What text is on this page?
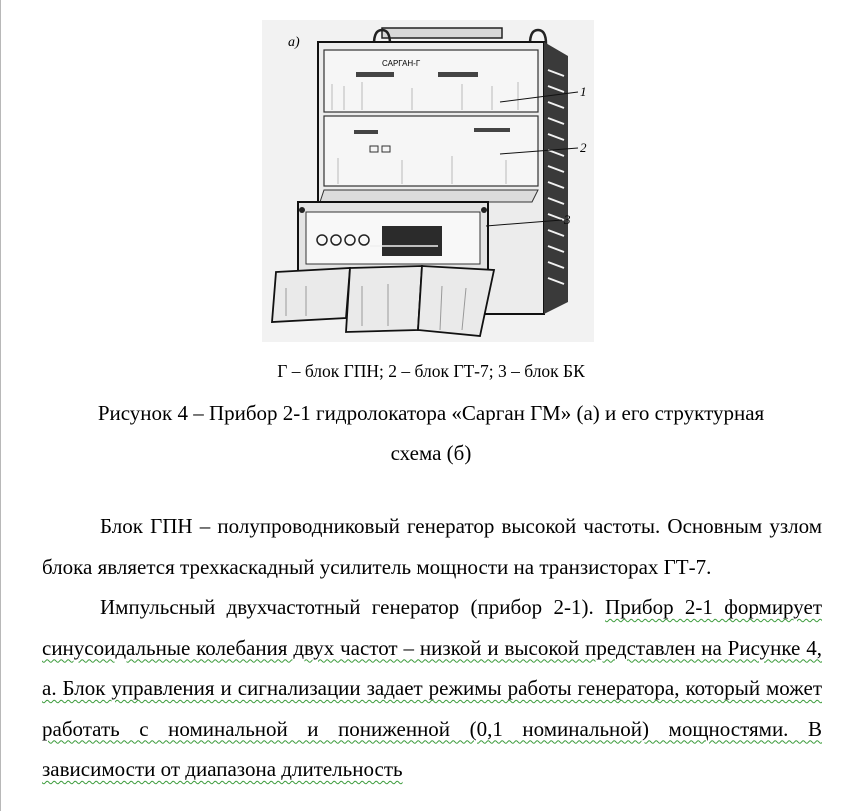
а)
САРГАН-Г
1
2
3
Г – блок ГПН; 2 – блок ГТ-7; 3 – блок БК
Рисунок 4 – Прибор 2-1 гидролокатора «Сарган ГМ» (а) и его структурная
схема (б)

Блок ГПН – полупроводниковый генератор высокой частоты. Основным узлом блока является трехкаскадный усилитель мощности на транзисторах ГТ-7.

Импульсный двухчастотный генератор (прибор 2-1). Прибор 2-1 формирует синусоидальные колебания двух частот – низкой и высокой представлен на Рисунке 4, а. Блок управления и сигнализации задает режимы работы генератора, который может работать с номинальной и пониженной (0,1 номинальной) мощностями. В зависимости от диапазона длительность
